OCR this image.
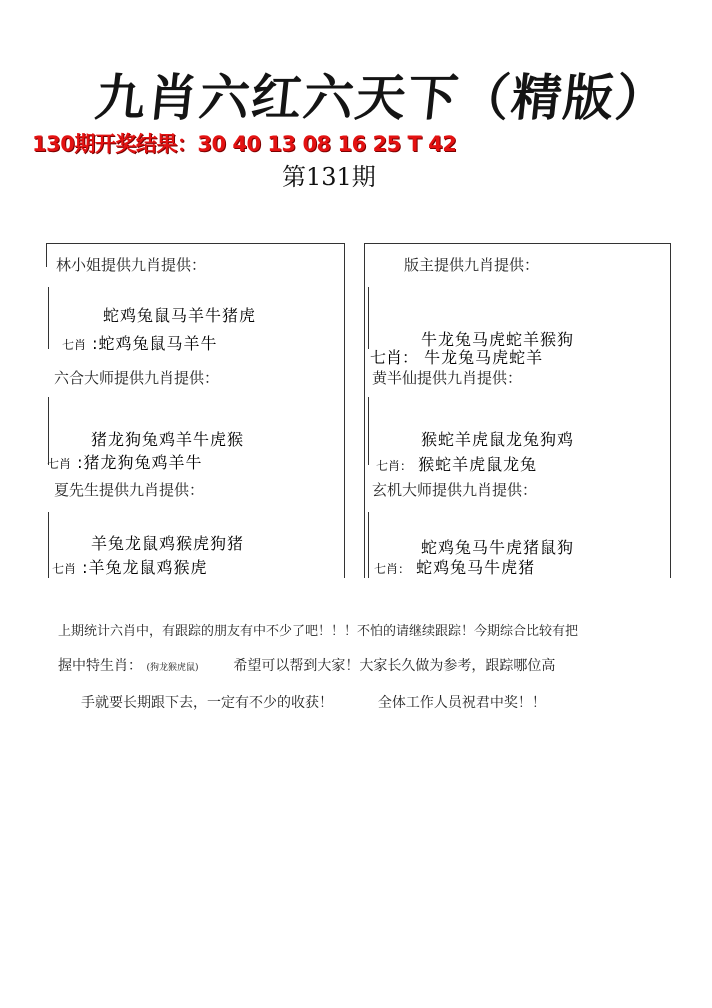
九肖六红六天下（精版）
130期开奖结果：30 40 13 08 16 25 T 42
第131期
林小姐提供九肖提供：
蛇鸡兔鼠马羊牛猪虎
七肖 :蛇鸡兔鼠马羊牛
版主提供九肖提供：
牛龙兔马虎蛇羊猴狗
七肖： 牛龙兔马虎蛇羊
六合大师提供九肖提供：
猪龙狗兔鸡羊牛虎猴
七肖 :猪龙狗兔鸡羊牛
黄半仙提供九肖提供：
猴蛇羊虎鼠龙兔狗鸡
七肖： 猴蛇羊虎鼠龙兔
夏先生提供九肖提供：
羊兔龙鼠鸡猴虎狗猪
七肖 :羊兔龙鼠鸡猴虎
玄机大师提供九肖提供：
蛇鸡兔马牛虎猪鼠狗
七肖： 蛇鸡兔马牛虎猪
上期统计六肖中，有跟踪的朋友有中不少了吧！！！不怕的请继续跟踪！今期综合比较有把
握中特生肖： (狗龙猴虎鼠) 希望可以帮到大家！大家长久做为参考，跟踪哪位高
手就要长期跟下去，一定有不少的收获！	全体工作人员祝君中奖！！
